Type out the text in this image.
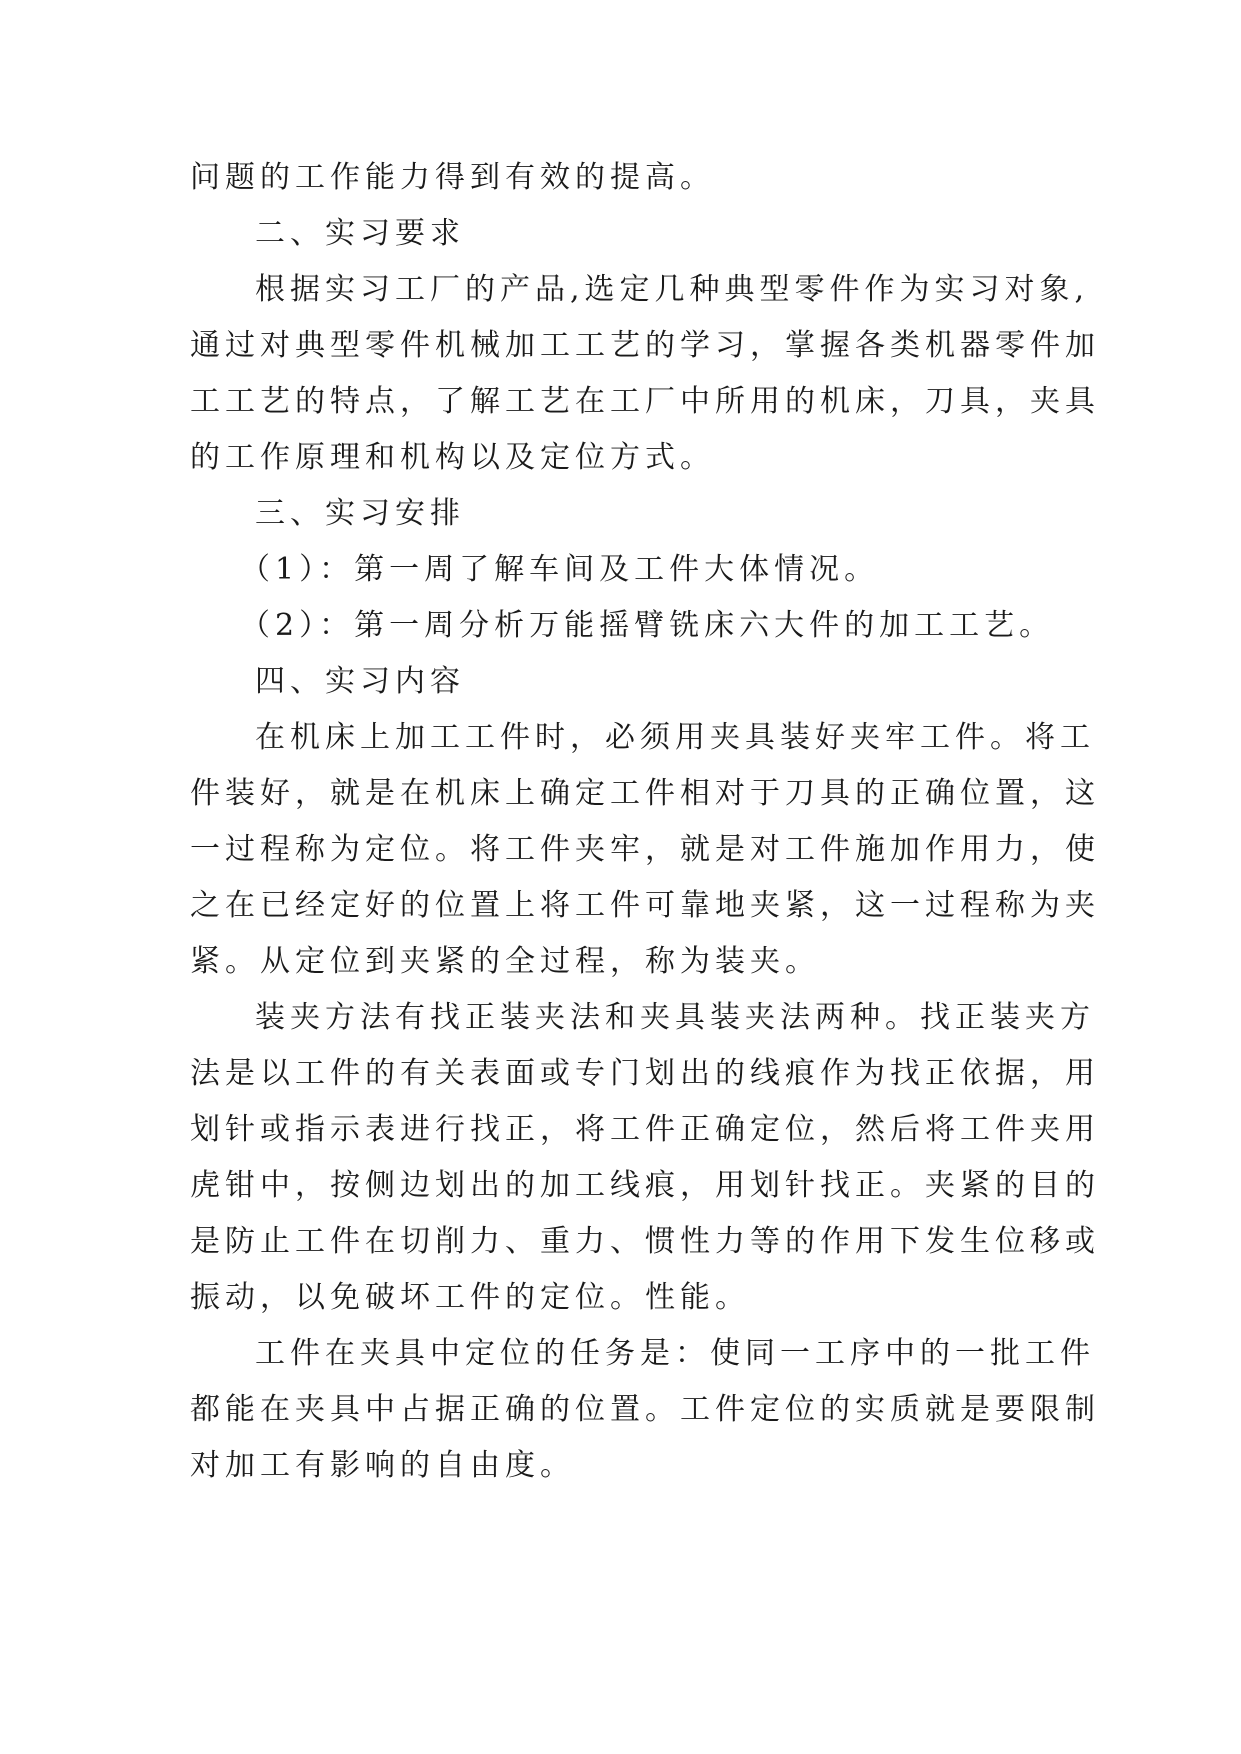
问题的工作能力得到有效的提高。
二、实习要求
根据实习工厂的产品,选定几种典型零件作为实习对象,
通过对典型零件机械加工工艺的学习，掌握各类机器零件加
工工艺的特点，了解工艺在工厂中所用的机床，刀具，夹具
的工作原理和机构以及定位方式。
三、实习安排
（1）：第一周了解车间及工件大体情况。
（2）：第一周分析万能摇臂铣床六大件的加工工艺。
四、实习内容
在机床上加工工件时，必须用夹具装好夹牢工件。将工
件装好，就是在机床上确定工件相对于刀具的正确位置，这
一过程称为定位。将工件夹牢，就是对工件施加作用力，使
之在已经定好的位置上将工件可靠地夹紧，这一过程称为夹
紧。从定位到夹紧的全过程，称为装夹。
装夹方法有找正装夹法和夹具装夹法两种。找正装夹方
法是以工件的有关表面或专门划出的线痕作为找正依据，用
划针或指示表进行找正，将工件正确定位，然后将工件夹用
虎钳中，按侧边划出的加工线痕，用划针找正。夹紧的目的
是防止工件在切削力、重力、惯性力等的作用下发生位移或
振动，以免破坏工件的定位。性能。
工件在夹具中定位的任务是：使同一工序中的一批工件
都能在夹具中占据正确的位置。工件定位的实质就是要限制
对加工有影响的自由度。
